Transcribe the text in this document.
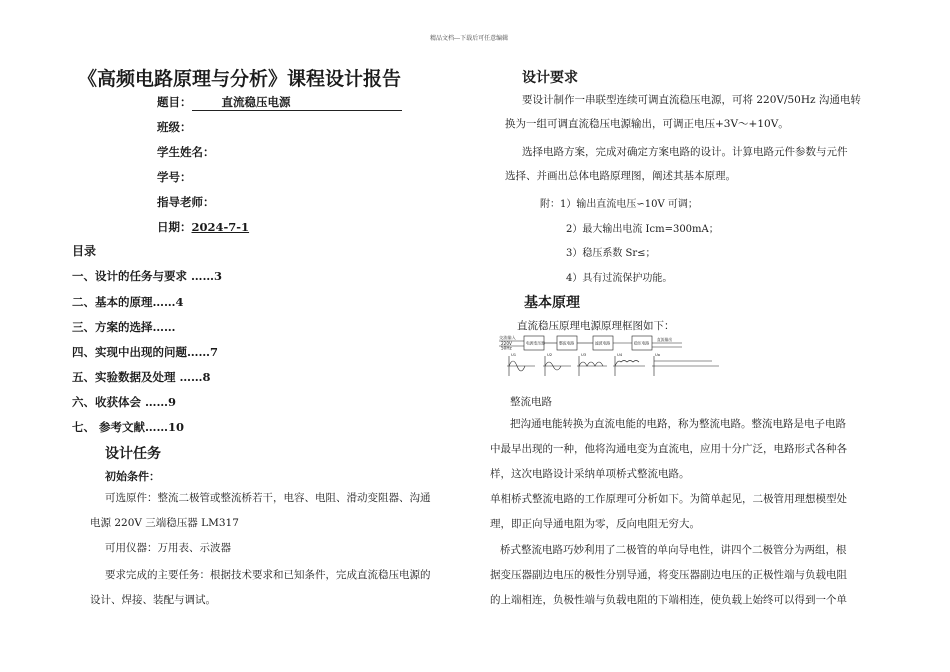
精品文档---下载后可任意编辑
《高频电路原理与分析》课程设计报告
题目：	直流稳压电源
班级：
学生姓名：
学号：
指导老师：
日期：2024-7-1
目录
一、设计的任务与要求 ……3
二、基本的原理……4
三、方案的选择……
四、实现中出现的问题……7
五、实验数据及处理 ……8
六、收获体会 ……9
七、 参考文献……10
设计任务
初始条件：
可选原件：整流二极管或整流桥若干，电容、电阻、滑动变阻器、沟通
电源 220V 三端稳压器 LM317
可用仪器：万用表、示波器
要求完成的主要任务：根据技术要求和已知条件，完成直流稳压电源的
设计、焊接、装配与调试。
设计要求
要设计制作一串联型连续可调直流稳压电源，可将 220V/50Hz 沟通电转
换为一组可调直流稳压电源输出，可调正电压+3V～+10V。
选择电路方案，完成对确定方案电路的设计。计算电路元件参数与元件
选择、并画出总体电路原理图，阐述其基本原理。
附：1）输出直流电压∽10V 可调；
2）最大输出电流 Icm=300mA；
3）稳压系数 Sr≤；
4）具有过流保护功能。
基本原理
直流稳压原理电源原理框图如下：
交流输入
220V
50Hz
电源变压器	整流电路	滤波电路	稳压电路
直流输出
U1	U2	U3	U4	Uo
整流电路
把沟通电能转换为直流电能的电路，称为整流电路。整流电路是电子电路
中最早出现的一种，他将沟通电变为直流电，应用十分广泛，电路形式各种各
样，这次电路设计采纳单项桥式整流电路。
单相桥式整流电路的工作原理可分析如下。为简单起见，二极管用理想模型处
理，即正向导通电阻为零，反向电阻无穷大。
桥式整流电路巧妙利用了二极管的单向导电性，讲四个二极管分为两组，根
据变压器副边电压的极性分别导通，将变压器副边电压的正极性端与负载电阻
的上端相连，负极性端与负载电阻的下端相连，使负载上始终可以得到一个单
